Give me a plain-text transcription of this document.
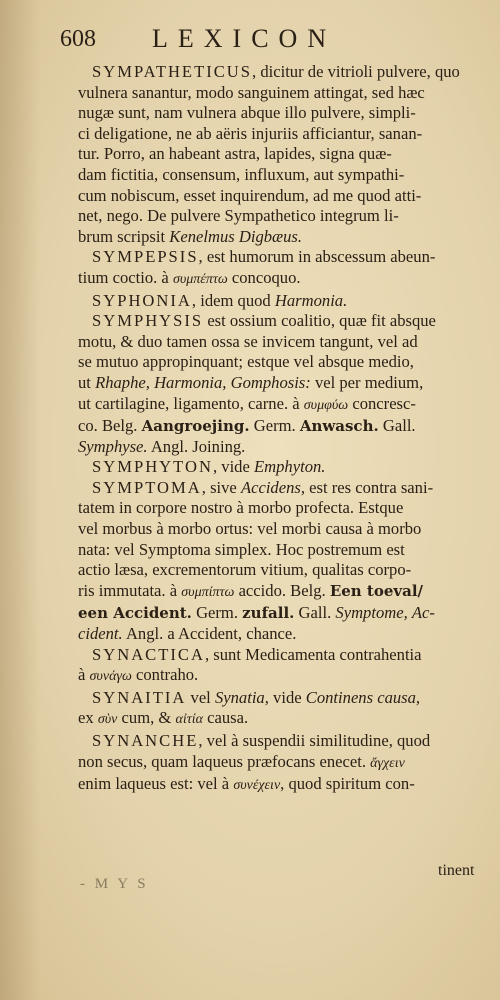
608 LEXICON
SYMPATHETICUS, dicitur de vitrioli pulvere, quo
vulnera sanantur, modo sanguinem attingat, sed hæc
nugæ sunt, nam vulnera abque illo pulvere, simpli-
ci deligatione, ne ab aëris injuriis afficiantur, sanan-
tur. Porro, an habeant astra, lapides, signa quæ-
dam fictitia, consensum, influxum, aut sympathi-
cum nobiscum, esset inquirendum, ad me quod atti-
net, nego. De pulvere Sympathetico integrum li-
brum scripsit Kenelmus Digbæus.
SYMPEPSIS, est humorum in abscessum abeun-
tium coctio. à συμπέπτω concoquo.
SYPHONIA, idem quod Harmonia.
SYMPHYSIS est ossium coalitio, quæ fit absque
motu, & duo tamen ossa se invicem tangunt, vel ad
se mutuo appropinquant; estque vel absque medio,
ut Rhaphe, Harmonia, Gomphosis: vel per medium,
ut cartilagine, ligamento, carne. à συμφύω concresc-
co. Belg. Aangroejing. Germ. Anwasch. Gall.
Symphyse. Angl. Joining.
SYMPHYTON, vide Emphyton.
SYMPTOMA, sive Accidens, est res contra sani-
tatem in corpore nostro à morbo profecta. Estque
vel morbus à morbo ortus: vel morbi causa à morbo
nata: vel Symptoma simplex. Hoc postremum est
actio læsa, excrementorum vitium, qualitas corpo-
ris immutata. à συμπίπτω accido. Belg. Een toeval/
een Accident. Germ. zufall. Gall. Symptome, Ac-
cident. Angl. a Accident, chance.
SYNACTICA, sunt Medicamenta contrahentia
à συνάγω contraho.
SYNAITIA vel Synatia, vide Continens causa,
ex σὺν cum, & αἰτία causa.
SYNANCHE, vel à suspendii similitudine, quod
non secus, quam laqueus præfocans enecet. ἄγχειν
enim laqueus est: vel à συνέχειν, quod spiritum con-
tinent
- M Y S
